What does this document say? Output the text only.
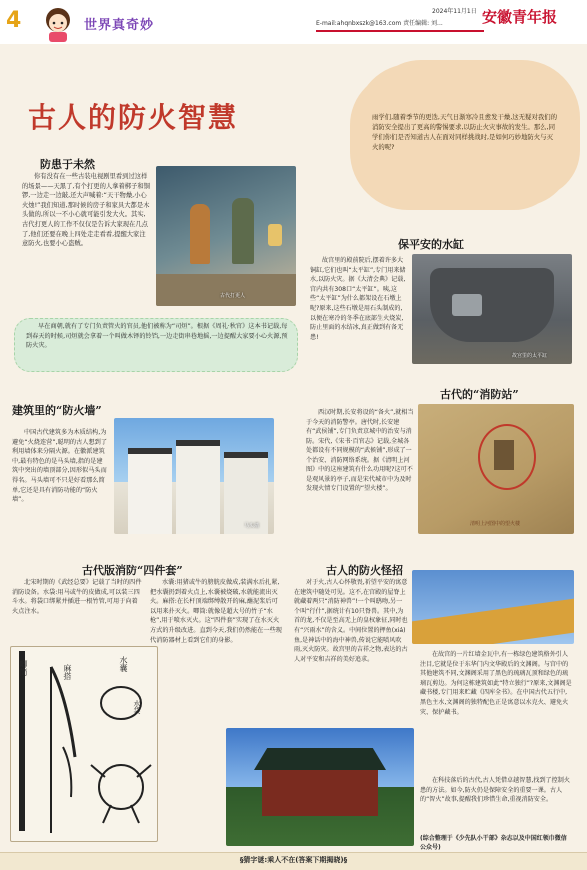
4	世界真奇妙
2024年11月1日
E-mail:ahqnbxszk@163.com 责任编辑: 刘...	安徽青年报
古人的防火智慧	雨学们,随着季节的更迭,天气日渐寒冷且愈发干燥,这无疑对我们的消防安全提出了更高的警惕要求,以防止火灾事故的发生。那么,同学们你们是否知道古人在面对同样挑战时,是如何巧妙地防火与灭火的呢?
防患于未然
你有没有在一些古装电视剧里看到过这样的场景——天黑了,有个打更的人拿着梆子和铜锣,一边走一边敲,还大声喊着:“天干物燥,小心火烛!”我们知道,那时候的房子和家具大都是木头做的,所以一不小心就可能引发大火。其实,古代打更人的工作不仅仅是告诉大家现在几点了,他们还要在晚上四处走走看看,提醒大家注意防火,也要小心盗贼。
古代打更人
早在商朝,就有了专门负责管火的官员,他们被称为“司烜”。根据《周礼·秋官》这本书记载,每到春天的时候,司烜就会拿着一个叫做木铎的铃铛,一边走街串巷地摇,一边提醒大家要小心火源,预防火灾。
保平安的水缸
故宫里的殿前院后,摆着许多大铜缸,它们也叫“太平缸”,专门用来储水,以防火灾。据《大清会典》记载,宫内共有308口“太平缸”。咦,这些“太平缸”为什么都架设在石墩上呢?原来,这些石墩是用石头制成的,以便在寒冷的冬季在底部生火烧炭,防止里面的水结冰,真正做到有备无患!
故宫里的太平缸
建筑里的“防火墙”
中国古代建筑多为木质结构,为避免“火烧连营”,聪明的古人想到了利用墙体来分隔火源。在徽派建筑中,最有特色的是马头墙,指的是建筑中突出的墙顶部分,因形似马头而得名。马头墙可不只是好看那么简单,它还是具有消防功能的“防火墙”。
马头墙
古代的“消防站”
西汉时期,长安将设的“备火”,就相当于今天的消防警亭。唐代时,长安建有“武侯铺”,专门负责京城中的治安与消防。宋代,《宋书·百官志》记载,全城各处都设有不同规模的“武候铺”,形成了一个治安、消防网络系统。据《清明上河图》中的这座建筑有什么功用呢?这可不是观风景的亭子,而是宋代城市中为及时发现火情专门设置的“望火楼”。
清明上河图中的望火楼
古代版消防“四件套”
北宋时期的《武经总要》记载了当时的四件消防设备。水袋:用马或牛的皮做成,可以装三四斗水。将袋口绑紧并插进一根竹管,可用于向着火点注水。
水囊:用猪或牛的膀胱皮做成,装满水后扎紧,把水囊扔到着火点上,水囊被烧破,水就能流出灭火。麻搭:在长杆顶端绑缚散开的麻,蘸泥浆后可以用来扑灭火。唧筒:就像是超大号的竹子“水枪”,用于喷水灭火。这“四件套”实现了在水灭火方式的升级改进。直到今天,我们仍然能在一些现代消防器材上看到它们的身影。
唧筒	麻搭	水囊
水袋
古人的防火怪招
对于火,古人心怀敬畏,祈望平安的寓意在建筑中随处可见。这不,在宫殿的屋脊上就藏着两只“消防神兽”!一个叫鸱吻,另一个叫“行什”,据统计有10只脊兽。其中,为首的龙,不仅是至高无上的皇权象征,同时也有“兴雨水”的含义。中间位置的押鱼(xiá)鱼,是神话中的海中神兽,传说它能喷风吹雨,灭火防灾。故宫里的吉祥之物,表达的古人对平安和吉祥的美好追求。
在故宫的一片红墙金瓦中,有一栋绿色建筑格外引人注目,它就是位于东华门内文华殿后的文渊阁。与宫中的其他建筑不同,文渊阁采用了黑色的琉璃瓦顶和绿色的琉璃瓦剪边。为何这栋建筑如此“特立独行”?原来,文渊阁是藏书楼,专门用来贮藏《四库全书》。在中国古代五行中,黑色主水,文渊阁的独特配色正是寓意以水克火、避免火灾、保护藏书。
在科技落后的古代,古人凭借卓越智慧,找到了控制火患的方法。如今,防火仍是保障安全的重要一课。古人的“智火”故事,提醒我们珍惜生命,重视消防安全。
(综合整理于《少先队小干部》杂志以及中国红领巾微信公众号)
§猜字谜:乘人不在(答案下期揭晓)§
